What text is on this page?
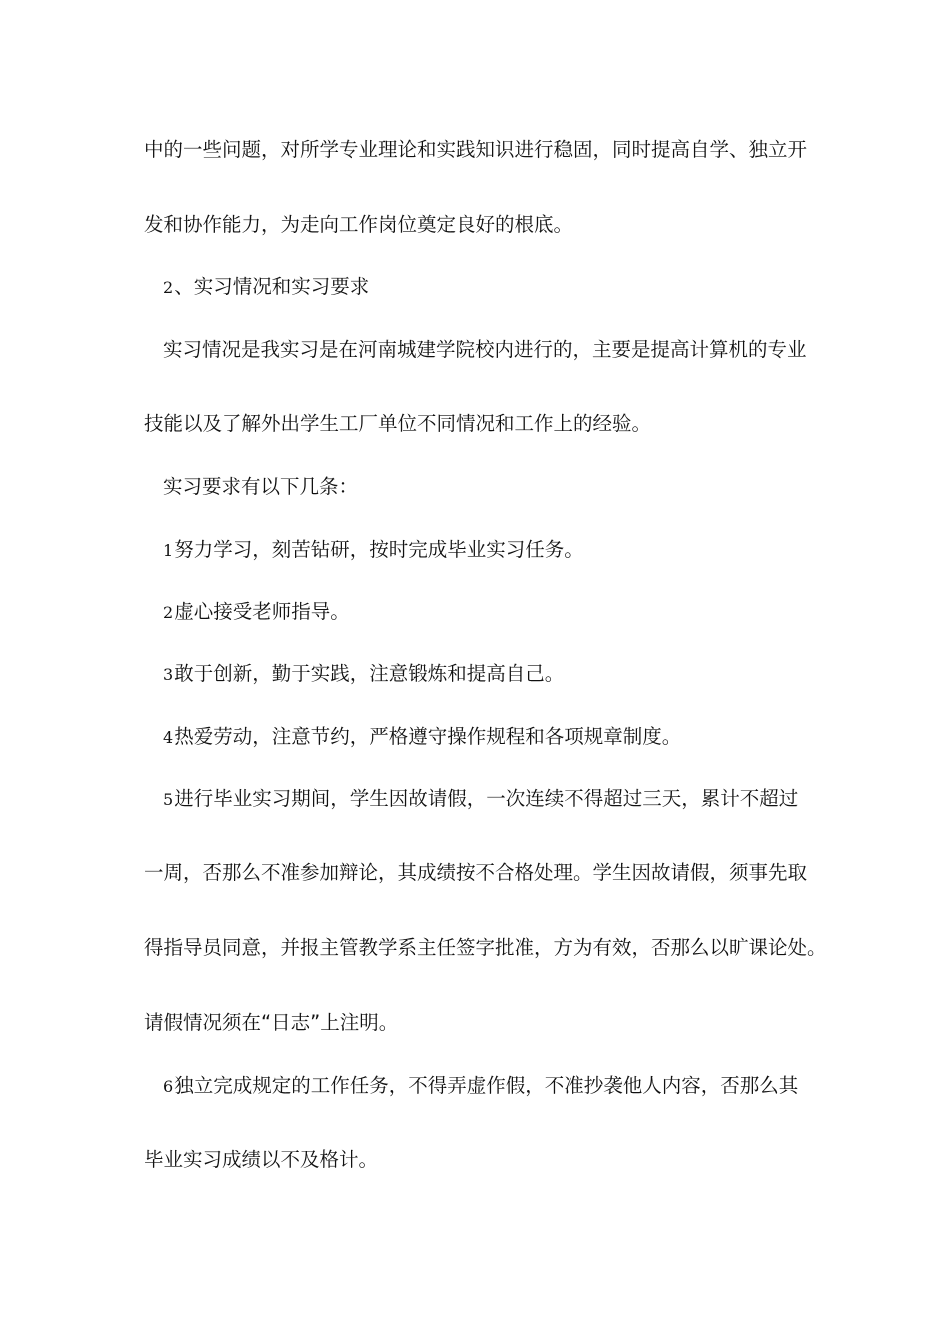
中的一些问题，对所学专业理论和实践知识进行稳固，同时提高自学、独立开
发和协作能力，为走向工作岗位奠定良好的根底。
2、实习情况和实习要求
实习情况是我实习是在河南城建学院校内进行的，主要是提高计算机的专业
技能以及了解外出学生工厂单位不同情况和工作上的经验。
实习要求有以下几条：
1努力学习，刻苦钻研，按时完成毕业实习任务。
2虚心接受老师指导。
3敢于创新，勤于实践，注意锻炼和提高自己。
4热爱劳动，注意节约，严格遵守操作规程和各项规章制度。
5进行毕业实习期间，学生因故请假，一次连续不得超过三天，累计不超过
一周，否那么不准参加辩论，其成绩按不合格处理。学生因故请假，须事先取
得指导员同意，并报主管教学系主任签字批准，方为有效，否那么以旷课论处。
请假情况须在“日志”上注明。
6独立完成规定的工作任务，不得弄虚作假，不准抄袭他人内容，否那么其
毕业实习成绩以不及格计。
